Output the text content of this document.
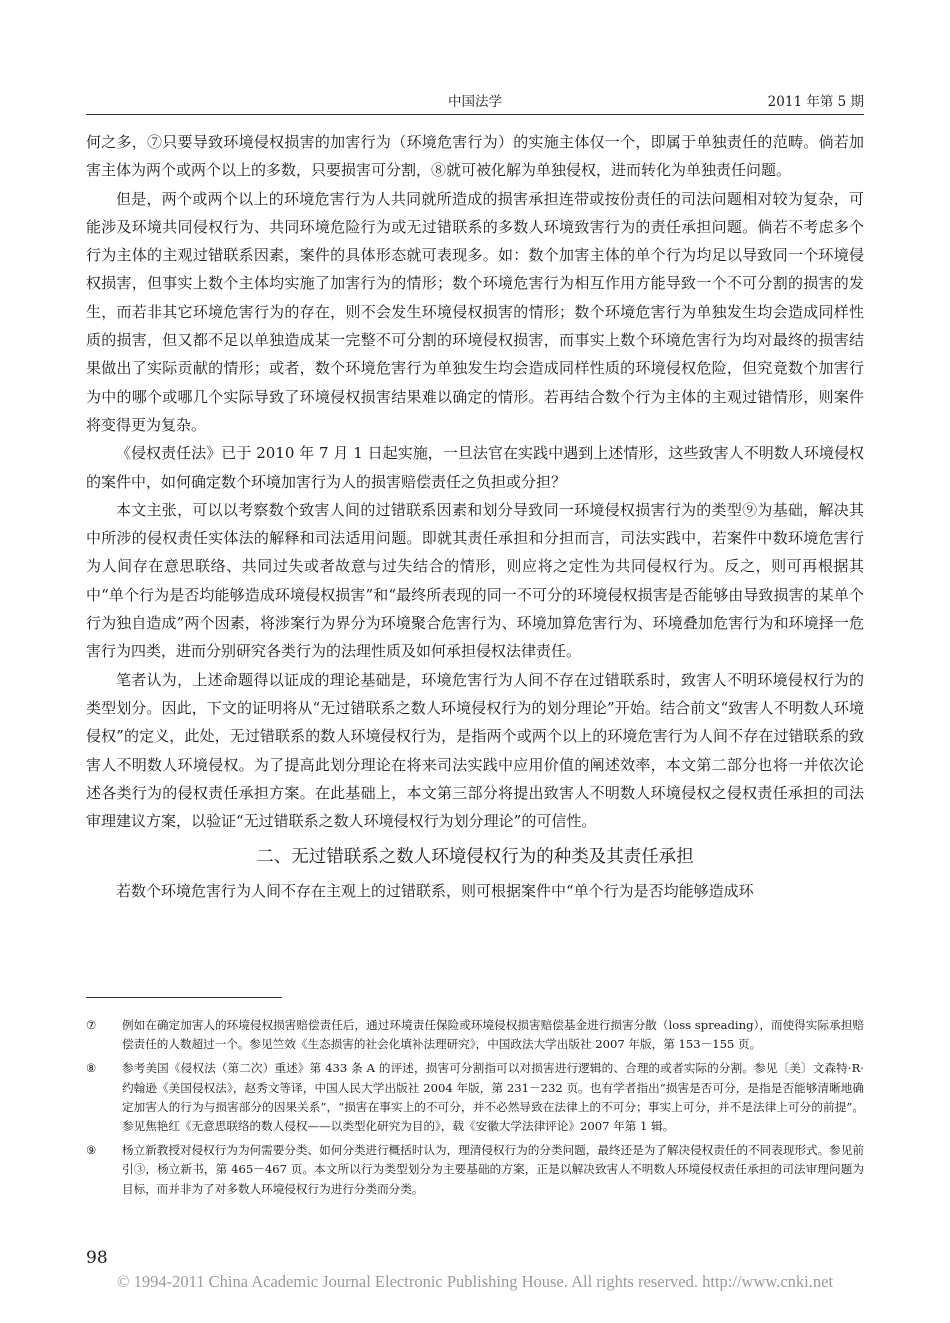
中国法学	2011 年第 5 期

何之多，⑦只要导致环境侵权损害的加害行为（环境危害行为）的实施主体仅一个，即属于单独责任的范畴。倘若加害主体为两个或两个以上的多数，只要损害可分割，⑧就可被化解为单独侵权，进而转化为单独责任问题。

但是，两个或两个以上的环境危害行为人共同就所造成的损害承担连带或按份责任的司法问题相对较为复杂，可能涉及环境共同侵权行为、共同环境危险行为或无过错联系的多数人环境致害行为的责任承担问题。倘若不考虑多个行为主体的主观过错联系因素，案件的具体形态就可表现多。如：数个加害主体的单个行为均足以导致同一个环境侵权损害，但事实上数个主体均实施了加害行为的情形；数个环境危害行为相互作用方能导致一个不可分割的损害的发生，而若非其它环境危害行为的存在，则不会发生环境侵权损害的情形；数个环境危害行为单独发生均会造成同样性质的损害，但又都不足以单独造成某一完整不可分割的环境侵权损害，而事实上数个环境危害行为均对最终的损害结果做出了实际贡献的情形；或者，数个环境危害行为单独发生均会造成同样性质的环境侵权危险，但究竟数个加害行为中的哪个或哪几个实际导致了环境侵权损害结果难以确定的情形。若再结合数个行为主体的主观过错情形，则案件将变得更为复杂。

《侵权责任法》已于 2010 年 7 月 1 日起实施，一旦法官在实践中遇到上述情形，这些致害人不明数人环境侵权的案件中，如何确定数个环境加害行为人的损害赔偿责任之负担或分担？

本文主张，可以以考察数个致害人间的过错联系因素和划分导致同一环境侵权损害行为的类型⑨为基础，解决其中所涉的侵权责任实体法的解释和司法适用问题。即就其责任承担和分担而言，司法实践中，若案件中数环境危害行为人间存在意思联络、共同过失或者故意与过失结合的情形，则应将之定性为共同侵权行为。反之，则可再根据其中“单个行为是否均能够造成环境侵权损害”和“最终所表现的同一不可分的环境侵权损害是否能够由导致损害的某单个行为独自造成”两个因素，将涉案行为界分为环境聚合危害行为、环境加算危害行为、环境叠加危害行为和环境择一危害行为四类，进而分别研究各类行为的法理性质及如何承担侵权法律责任。

笔者认为，上述命题得以证成的理论基础是，环境危害行为人间不存在过错联系时，致害人不明环境侵权行为的类型划分。因此，下文的证明将从“无过错联系之数人环境侵权行为的划分理论”开始。结合前文“致害人不明数人环境侵权”的定义，此处，无过错联系的数人环境侵权行为，是指两个或两个以上的环境危害行为人间不存在过错联系的致害人不明数人环境侵权。为了提高此划分理论在将来司法实践中应用价值的阐述效率，本文第二部分也将一并依次论述各类行为的侵权责任承担方案。在此基础上，本文第三部分将提出致害人不明数人环境侵权之侵权责任承担的司法审理建议方案，以验证“无过错联系之数人环境侵权行为划分理论”的可信性。

二、无过错联系之数人环境侵权行为的种类及其责任承担

若数个环境危害行为人间不存在主观上的过错联系，则可根据案件中“单个行为是否均能够造成环

⑦	例如在确定加害人的环境侵权损害赔偿责任后，通过环境责任保险或环境侵权损害赔偿基金进行损害分散（loss spreading），而使得实际承担赔偿责任的人数超过一个。参见竺效《生态损害的社会化填补法理研究》，中国政法大学出版社 2007 年版，第 153－155 页。
⑧	参考美国《侵权法（第二次）重述》第 433 条 A 的评述，损害可分割指可以对损害进行逻辑的、合理的或者实际的分割。参见〔美〕文森特·R·约翰逊《美国侵权法》，赵秀文等译，中国人民大学出版社 2004 年版，第 231－232 页。也有学者指出“损害是否可分，是指是否能够清晰地确定加害人的行为与损害部分的因果关系”，“损害在事实上的不可分，并不必然导致在法律上的不可分；事实上可分，并不是法律上可分的前提”。参见焦艳红《无意思联络的数人侵权——以类型化研究为目的》，载《安徽大学法律评论》2007 年第 1 辑。
⑨	杨立新教授对侵权行为为何需要分类、如何分类进行概括时认为，理清侵权行为的分类问题，最终还是为了解决侵权责任的不同表现形式。参见前引③，杨立新书，第 465－467 页。本文所以行为类型划分为主要基础的方案，正是以解决致害人不明数人环境侵权责任承担的司法审理问题为目标，而并非为了对多数人环境侵权行为进行分类而分类。
98
© 1994-2011 China Academic Journal Electronic Publishing House. All rights reserved. http://www.cnki.net
